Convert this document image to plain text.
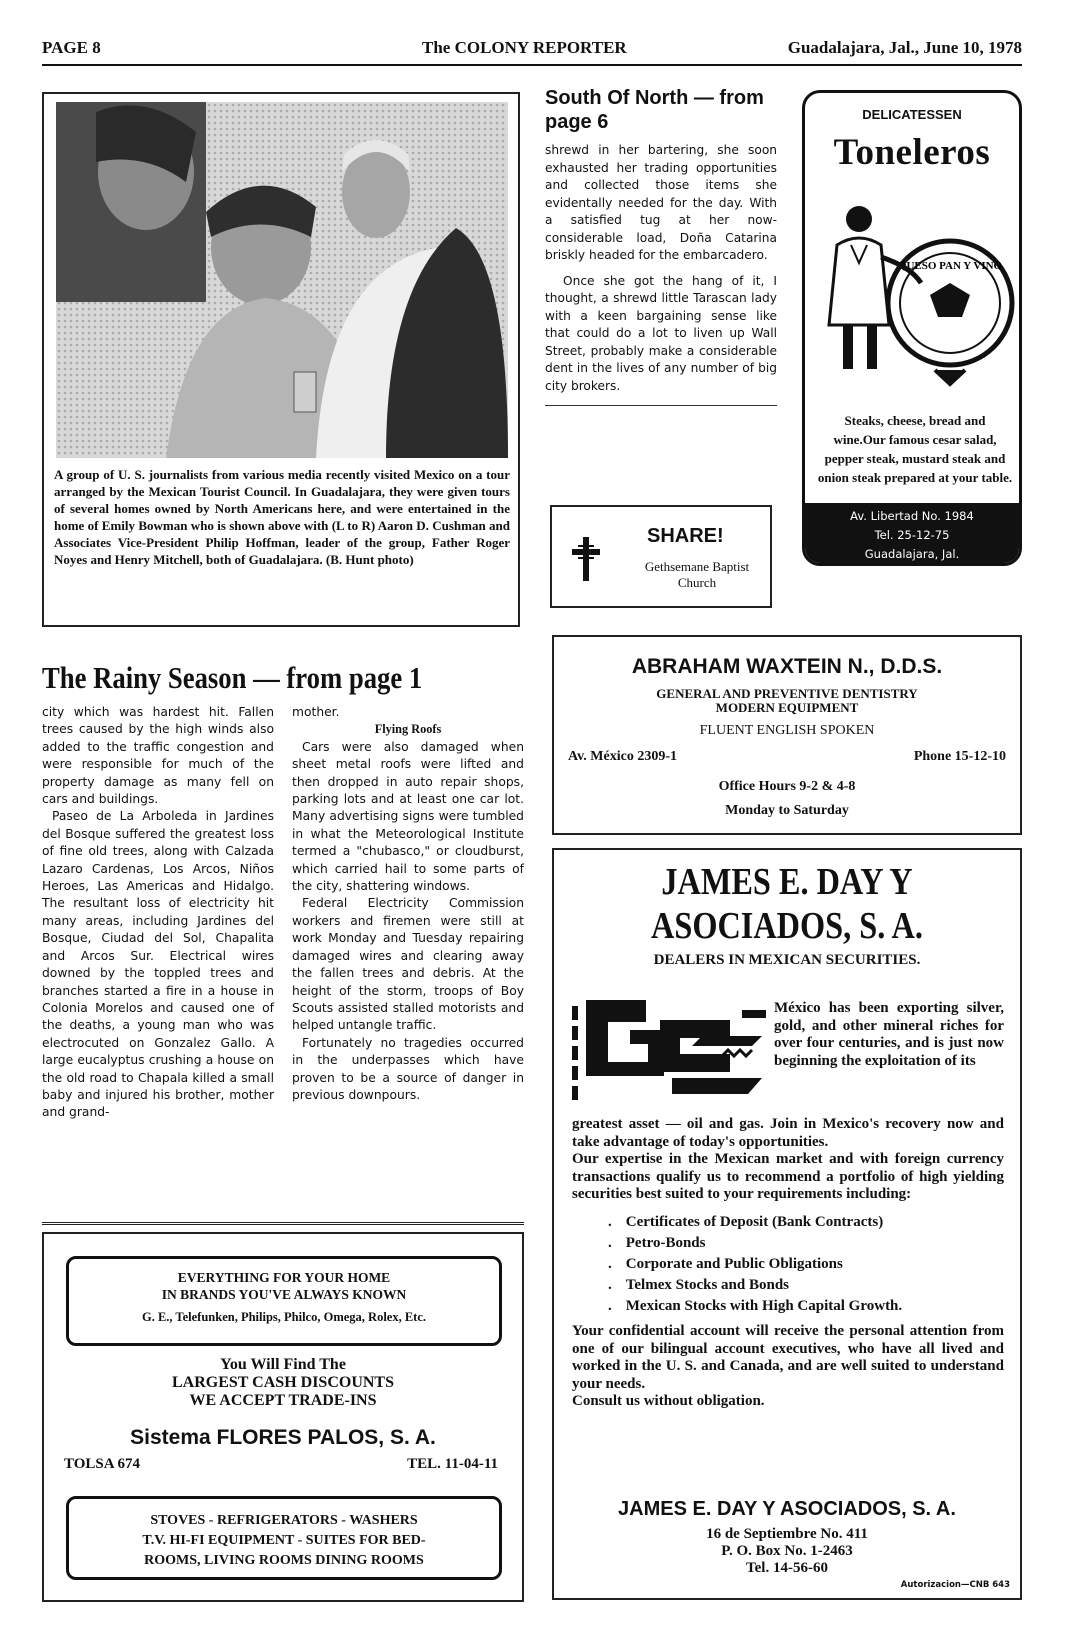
PAGE 8	The COLONY REPORTER	Guadalajara, Jal., June 10, 1978

A group of U. S. journalists from various media recently visited Mexico on a tour arranged by the Mexican Tourist Council. In Guadalajara, they were given tours of several homes owned by North Americans here, and were entertained in the home of Emily Bowman who is shown above with (L to R) Aaron D. Cushman and Associates Vice-President Philip Hoffman, leader of the group, Father Roger Noyes and Henry Mitchell, both of Guadalajara. (B. Hunt photo)

South Of North — from page 6

shrewd in her bartering, she soon exhausted her trading opportunities and collected those items she evidentally needed for the day. With a satisfied tug at her now-considerable load, Doña Catarina briskly headed for the embarcadero.

Once she got the hang of it, I thought, a shrewd little Tarascan lady with a keen bargaining sense like that could do a lot to liven up Wall Street, probably make a considerable dent in the lives of any number of big city brokers.

SHARE!
Gethsemane Baptist Church
DELICATESSEN
Toneleros
QUESO PAN Y VINO

Steaks, cheese, bread and wine.Our famous cesar salad, pepper steak, mustard steak and onion steak prepared at your table.

Av. Libertad No. 1984
Tel. 25-12-75
Guadalajara, Jal.
The Rainy Season — from page 1

city which was hardest hit. Fallen trees caused by the high winds also added to the traffic congestion and were responsible for much of the property damage as many fell on cars and buildings.

Paseo de La Arboleda in Jardines del Bosque suffered the greatest loss of fine old trees, along with Calzada Lazaro Cardenas, Los Arcos, Niños Heroes, Las Americas and Hidalgo. The resultant loss of electricity hit many areas, including Jardines del Bosque, Ciudad del Sol, Chapalita and Arcos Sur. Electrical wires downed by the toppled trees and branches started a fire in a house in Colonia Morelos and caused one of the deaths, a young man who was electrocuted on Gonzalez Gallo. A large eucalyptus crushing a house on the old road to Chapala killed a small baby and injured his brother, mother and grand-

mother.

Flying Roofs

Cars were also damaged when sheet metal roofs were lifted and then dropped in auto repair shops, parking lots and at least one car lot. Many advertising signs were tumbled in what the Meteorological Institute termed a "chubasco," or cloudburst, which carried hail to some parts of the city, shattering windows.

Federal Electricity Commission workers and firemen were still at work Monday and Tuesday repairing damaged wires and clearing away the fallen trees and debris. At the height of the storm, troops of Boy Scouts assisted stalled motorists and helped untangle traffic.

Fortunately no tragedies occurred in the underpasses which have proven to be a source of danger in previous downpours.

EVERYTHING FOR YOUR HOME
IN BRANDS YOU'VE ALWAYS KNOWN
G. E., Telefunken, Philips, Philco, Omega, Rolex, Etc.
You Will Find The
LARGEST CASH DISCOUNTS
WE ACCEPT TRADE-INS
Sistema FLORES PALOS, S. A.
TOLSA 674	TEL. 11-04-11
STOVES - REFRIGERATORS - WASHERS
T.V. HI-FI EQUIPMENT - SUITES FOR BED-
ROOMS, LIVING ROOMS DINING ROOMS
ABRAHAM WAXTEIN N., D.D.S.
GENERAL AND PREVENTIVE DENTISTRY
MODERN EQUIPMENT
FLUENT ENGLISH SPOKEN
Av. México 2309-1	Phone 15-12-10
Office Hours 9-2 & 4-8
Monday to Saturday
JAMES E. DAY Y
ASOCIADOS, S. A.
DEALERS IN MEXICAN SECURITIES.

México has been exporting silver, gold, and other mineral riches for over four centuries, and is just now beginning the exploitation of its

greatest asset — oil and gas. Join in Mexico's recovery now and take advantage of today's opportunities.

Our expertise in the Mexican market and with foreign currency transactions qualify us to recommend a portfolio of high yielding securities best suited to your requirements including:

. Certificates of Deposit (Bank Contracts)
. Petro-Bonds
. Corporate and Public Obligations
. Telmex Stocks and Bonds
. Mexican Stocks with High Capital Growth.

Your confidential account will receive the personal attention from one of our bilingual account executives, who have all lived and worked in the U. S. and Canada, and are well suited to understand your needs.

Consult us without obligation.

JAMES E. DAY Y ASOCIADOS, S. A.
16 de Septiembre No. 411
P. O. Box No. 1-2463
Tel. 14-56-60
Autorizacion—CNB 643
